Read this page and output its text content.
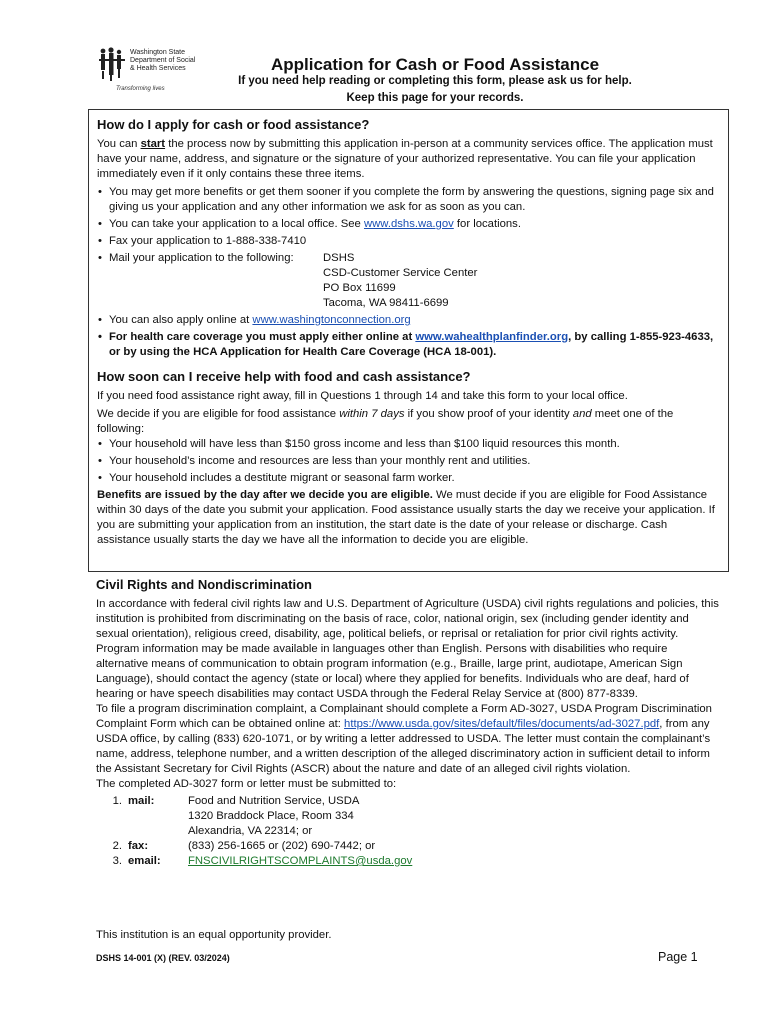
Washington State
Department of Social
& Health Services
Transforming lives
Application for Cash or Food Assistance
If you need help reading or completing this form, please ask us for help.
Keep this page for your records.
How do I apply for cash or food assistance?

You can start the process now by submitting this application in-person at a community services office. The application must have your name, address, and signature or the signature of your authorized representative. You can file your application immediately even if it only contains these three items.

• You may get more benefits or get them sooner if you complete the form by answering the questions, signing page six and giving us your application and any other information we ask for as soon as you can.
• You can take your application to a local office. See www.dshs.wa.gov for locations.
• Fax your application to 1-888-338-7410
• Mail your application to the following:	DSHS
CSD-Customer Service Center
PO Box 11699
Tacoma, WA 98411-6699
• You can also apply online at www.washingtonconnection.org
• For health care coverage you must apply either online at www.wahealthplanfinder.org, by calling 1-855-923-4633, or by using the HCA Application for Health Care Coverage (HCA 18-001).
How soon can I receive help with food and cash assistance?

If you need food assistance right away, fill in Questions 1 through 14 and take this form to your local office.

We decide if you are eligible for food assistance within 7 days if you show proof of your identity and meet one of the following:

• Your household will have less than $150 gross income and less than $100 liquid resources this month.
• Your household’s income and resources are less than your monthly rent and utilities.
• Your household includes a destitute migrant or seasonal farm worker.

Benefits are issued by the day after we decide you are eligible. We must decide if you are eligible for Food Assistance within 30 days of the date you submit your application. Food assistance usually starts the day we receive your application. If you are submitting your application from an institution, the start date is the date of your release or discharge. Cash assistance usually starts the day we have all the information to decide you are eligible.

Civil Rights and Nondiscrimination

In accordance with federal civil rights law and U.S. Department of Agriculture (USDA) civil rights regulations and policies, this institution is prohibited from discriminating on the basis of race, color, national origin, sex (including gender identity and sexual orientation), religious creed, disability, age, political beliefs, or reprisal or retaliation for prior civil rights activity.

Program information may be made available in languages other than English. Persons with disabilities who require alternative means of communication to obtain program information (e.g., Braille, large print, audiotape, American Sign Language), should contact the agency (state or local) where they applied for benefits. Individuals who are deaf, hard of hearing or have speech disabilities may contact USDA through the Federal Relay Service at (800) 877-8339.

To file a program discrimination complaint, a Complainant should complete a Form AD-3027, USDA Program Discrimination Complaint Form which can be obtained online at: https://www.usda.gov/sites/default/files/documents/ad-3027.pdf, from any USDA office, by calling (833) 620-1071, or by writing a letter addressed to USDA. The letter must contain the complainant’s name, address, telephone number, and a written description of the alleged discriminatory action in sufficient detail to inform the Assistant Secretary for Civil Rights (ASCR) about the nature and date of an alleged civil rights violation.

The completed AD-3027 form or letter must be submitted to:

1. mail:	Food and Nutrition Service, USDA
1320 Braddock Place, Room 334
Alexandria, VA 22314; or
2. fax:	(833) 256-1665 or (202) 690-7442; or
3. email:	FNSCIVILRIGHTSCOMPLAINTS@usda.gov
This institution is an equal opportunity provider.
DSHS 14-001 (X) (REV. 03/2024)	Page 1
